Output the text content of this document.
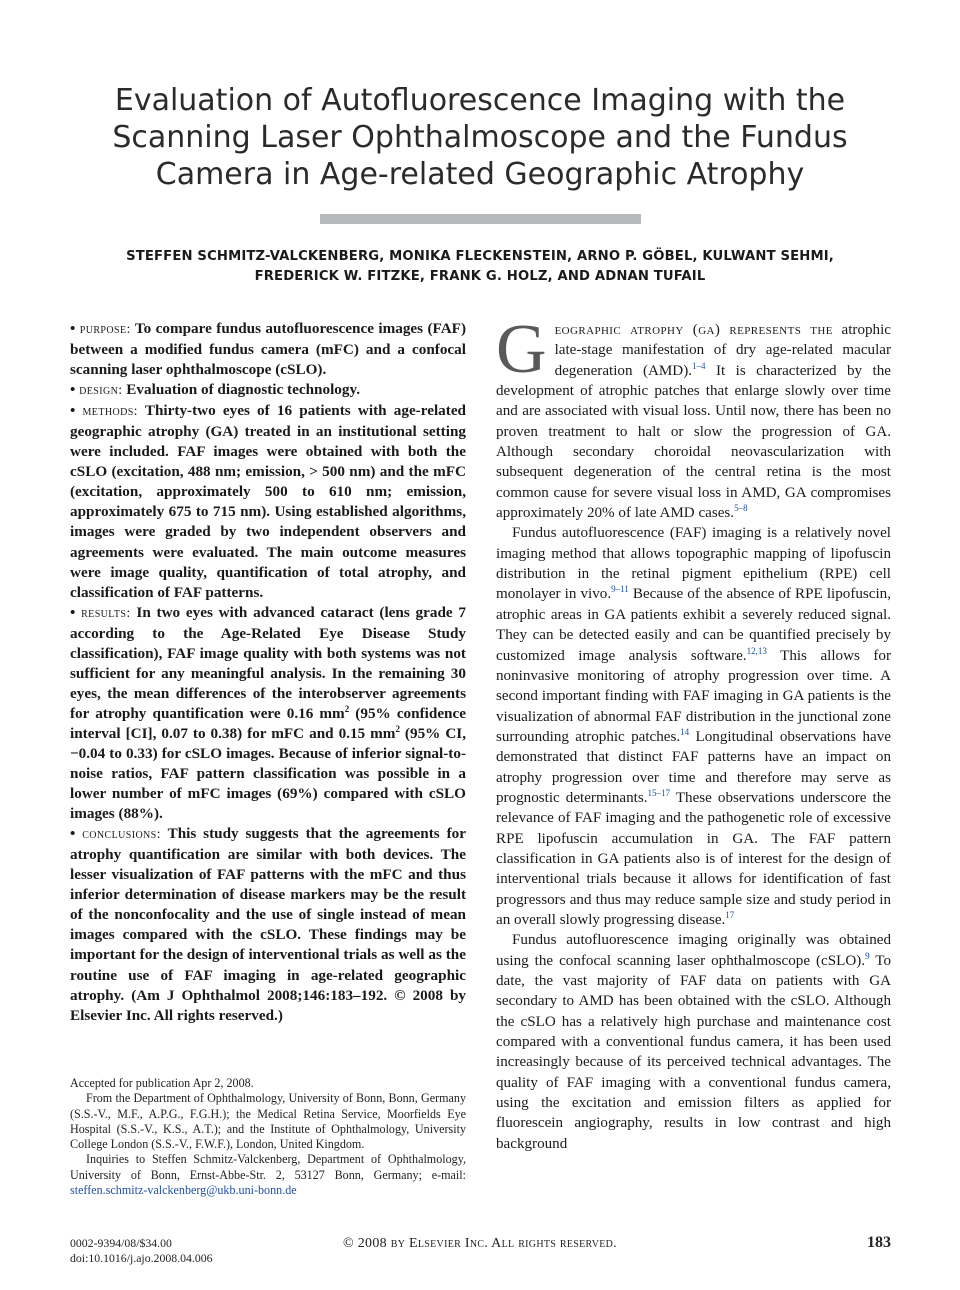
Evaluation of Autofluorescence Imaging with the
Scanning Laser Ophthalmoscope and the Fundus
Camera in Age-related Geographic Atrophy
STEFFEN SCHMITZ-VALCKENBERG, MONIKA FLECKENSTEIN, ARNO P. GÖBEL, KULWANT SEHMI,
FREDERICK W. FITZKE, FRANK G. HOLZ, AND ADNAN TUFAIL

• purpose: To compare fundus autofluorescence images (FAF) between a modified fundus camera (mFC) and a confocal scanning laser ophthalmoscope (cSLO).

• design: Evaluation of diagnostic technology.

• methods: Thirty-two eyes of 16 patients with age-related geographic atrophy (GA) treated in an institutional setting were included. FAF images were obtained with both the cSLO (excitation, 488 nm; emission, > 500 nm) and the mFC (excitation, approximately 500 to 610 nm; emission, approximately 675 to 715 nm). Using established algorithms, images were graded by two independent observers and agreements were evaluated. The main outcome measures were image quality, quantification of total atrophy, and classification of FAF patterns.

• results: In two eyes with advanced cataract (lens grade 7 according to the Age-Related Eye Disease Study classification), FAF image quality with both systems was not sufficient for any meaningful analysis. In the remaining 30 eyes, the mean differences of the interobserver agreements for atrophy quantification were 0.16 $mm^2$ (95% confidence interval [CI], 0.07 to 0.38) for mFC and 0.15 $mm^2$ (95% CI, −0.04 to 0.33) for cSLO images. Because of inferior signal-to-noise ratios, FAF pattern classification was possible in a lower number of mFC images (69%) compared with cSLO images (88%).

• conclusions: This study suggests that the agreements for atrophy quantification are similar with both devices. The lesser visualization of FAF patterns with the mFC and thus inferior determination of disease markers may be the result of the nonconfocality and the use of single instead of mean images compared with the cSLO. These findings may be important for the design of interventional trials as well as the routine use of FAF imaging in age-related geographic atrophy. (Am J Ophthalmol 2008;146:183–192. © 2008 by Elsevier Inc. All rights reserved.)

Accepted for publication Apr 2, 2008.

From the Department of Ophthalmology, University of Bonn, Bonn, Germany (S.S.-V., M.F., A.P.G., F.G.H.); the Medical Retina Service, Moorfields Eye Hospital (S.S.-V., K.S., A.T.); and the Institute of Ophthalmology, University College London (S.S.-V., F.W.F.), London, United Kingdom.

Inquiries to Steffen Schmitz-Valckenberg, Department of Ophthalmology, University of Bonn, Ernst-Abbe-Str. 2, 53127 Bonn, Germany; e-mail: steffen.schmitz-valckenberg@ukb.uni-bonn.de

Geographic atrophy (ga) represents the atrophic late-stage manifestation of dry age-related macular degeneration (AMD).$^{1-4}$ It is characterized by the development of atrophic patches that enlarge slowly over time and are associated with visual loss. Until now, there has been no proven treatment to halt or slow the progression of GA. Although secondary choroidal neovascularization with subsequent degeneration of the central retina is the most common cause for severe visual loss in AMD, GA compromises approximately 20% of late AMD cases.$^{5-8}$

Fundus autofluorescence (FAF) imaging is a relatively novel imaging method that allows topographic mapping of lipofuscin distribution in the retinal pigment epithelium (RPE) cell monolayer in vivo.$^{9-11}$ Because of the absence of RPE lipofuscin, atrophic areas in GA patients exhibit a severely reduced signal. They can be detected easily and can be quantified precisely by customized image analysis software.$^{12,13}$ This allows for noninvasive monitoring of atrophy progression over time. A second important finding with FAF imaging in GA patients is the visualization of abnormal FAF distribution in the junctional zone surrounding atrophic patches.$^{14}$ Longitudinal observations have demonstrated that distinct FAF patterns have an impact on atrophy progression over time and therefore may serve as prognostic determinants.$^{15-17}$ These observations underscore the relevance of FAF imaging and the pathogenetic role of excessive RPE lipofuscin accumulation in GA. The FAF pattern classification in GA patients also is of interest for the design of interventional trials because it allows for identification of fast progressors and thus may reduce sample size and study period in an overall slowly progressing disease.$^{17}$

Fundus autofluorescence imaging originally was obtained using the confocal scanning laser ophthalmoscope (cSLO).$^9$ To date, the vast majority of FAF data on patients with GA secondary to AMD has been obtained with the cSLO. Although the cSLO has a relatively high purchase and maintenance cost compared with a conventional fundus camera, it has been used increasingly because of its perceived technical advantages. The quality of FAF imaging with a conventional fundus camera, using the excitation and emission filters as applied for fluorescein angiography, results in low contrast and high background

0002-9394/08/$34.00
doi:10.1016/j.ajo.2008.04.006
© 2008 by Elsevier Inc. All rights reserved.	183
